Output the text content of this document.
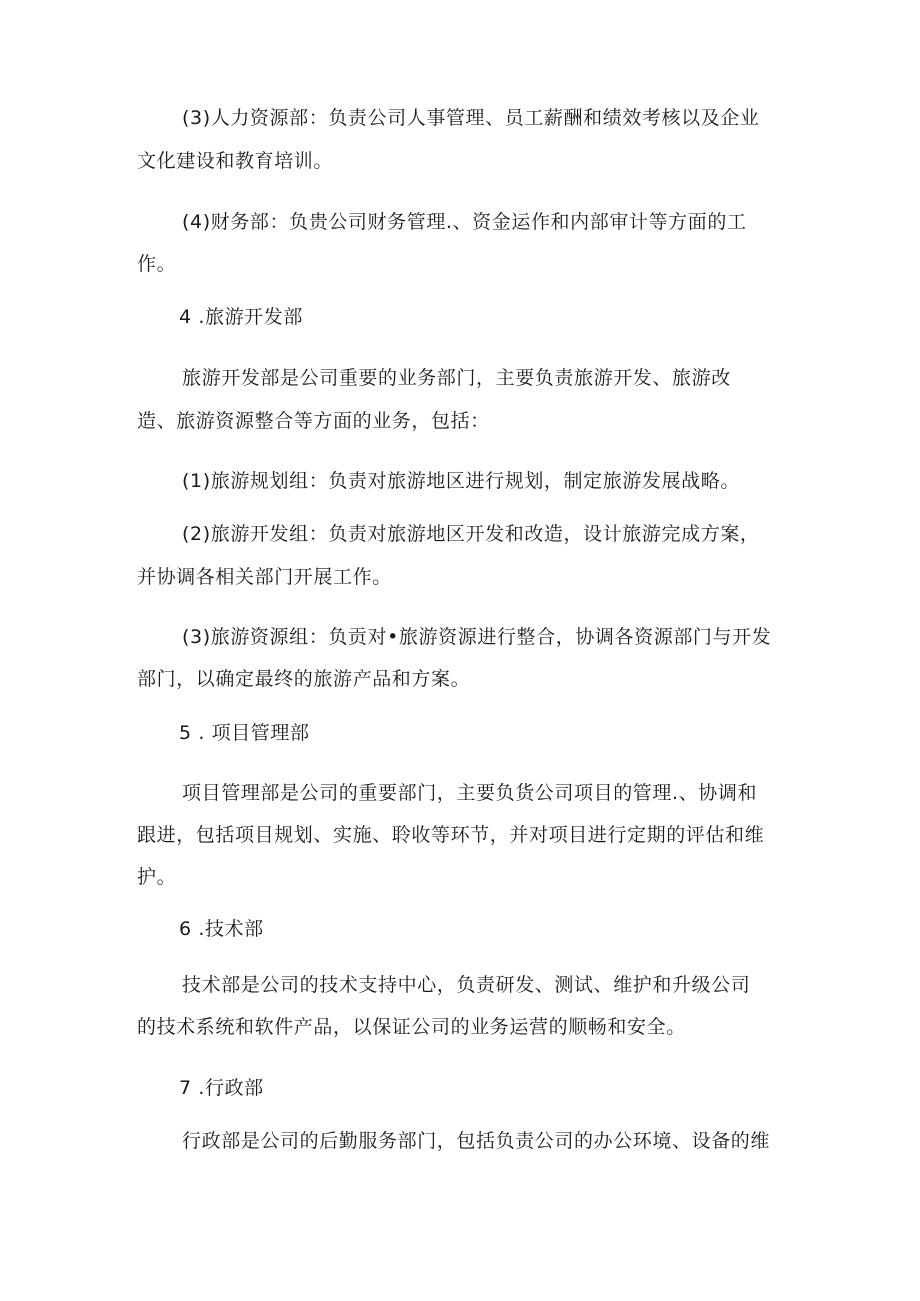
(3)人力资源部：负责公司人事管理、员工薪酬和绩效考核以及企业
文化建设和教育培训。
(4)财务部：负贵公司财务管理.、资金运作和内部审计等方面的工
作。
4 .旅游开发部
旅游开发部是公司重要的业务部门，主要负责旅游开发、旅游改
造、旅游资源整合等方面的业务，包括：
(1)旅游规划组：负责对旅游地区进行规划，制定旅游发展战略。
(2)旅游开发组：负责对旅游地区开发和改造，设计旅游完成方案，
并协调各相关部门开展工作。
(3)旅游资源组：负贡对•旅游资源进行整合，协调各资源部门与开发
部门，以确定最终的旅游产品和方案。
5 . 项目管理部
项目管理部是公司的重要部门，主要负货公司项目的管理.、协调和
跟进，包括项目规划、实施、聆收等环节，并对项目进行定期的评估和维
护。
6 .技术部
技术部是公司的技术支持中心，负责研发、测试、维护和升级公司
的技术系统和软件产品，以保证公司的业务运营的顺畅和安全。
7 .行政部
行政部是公司的后勤服务部门，包括负责公司的办公环境、设备的维
